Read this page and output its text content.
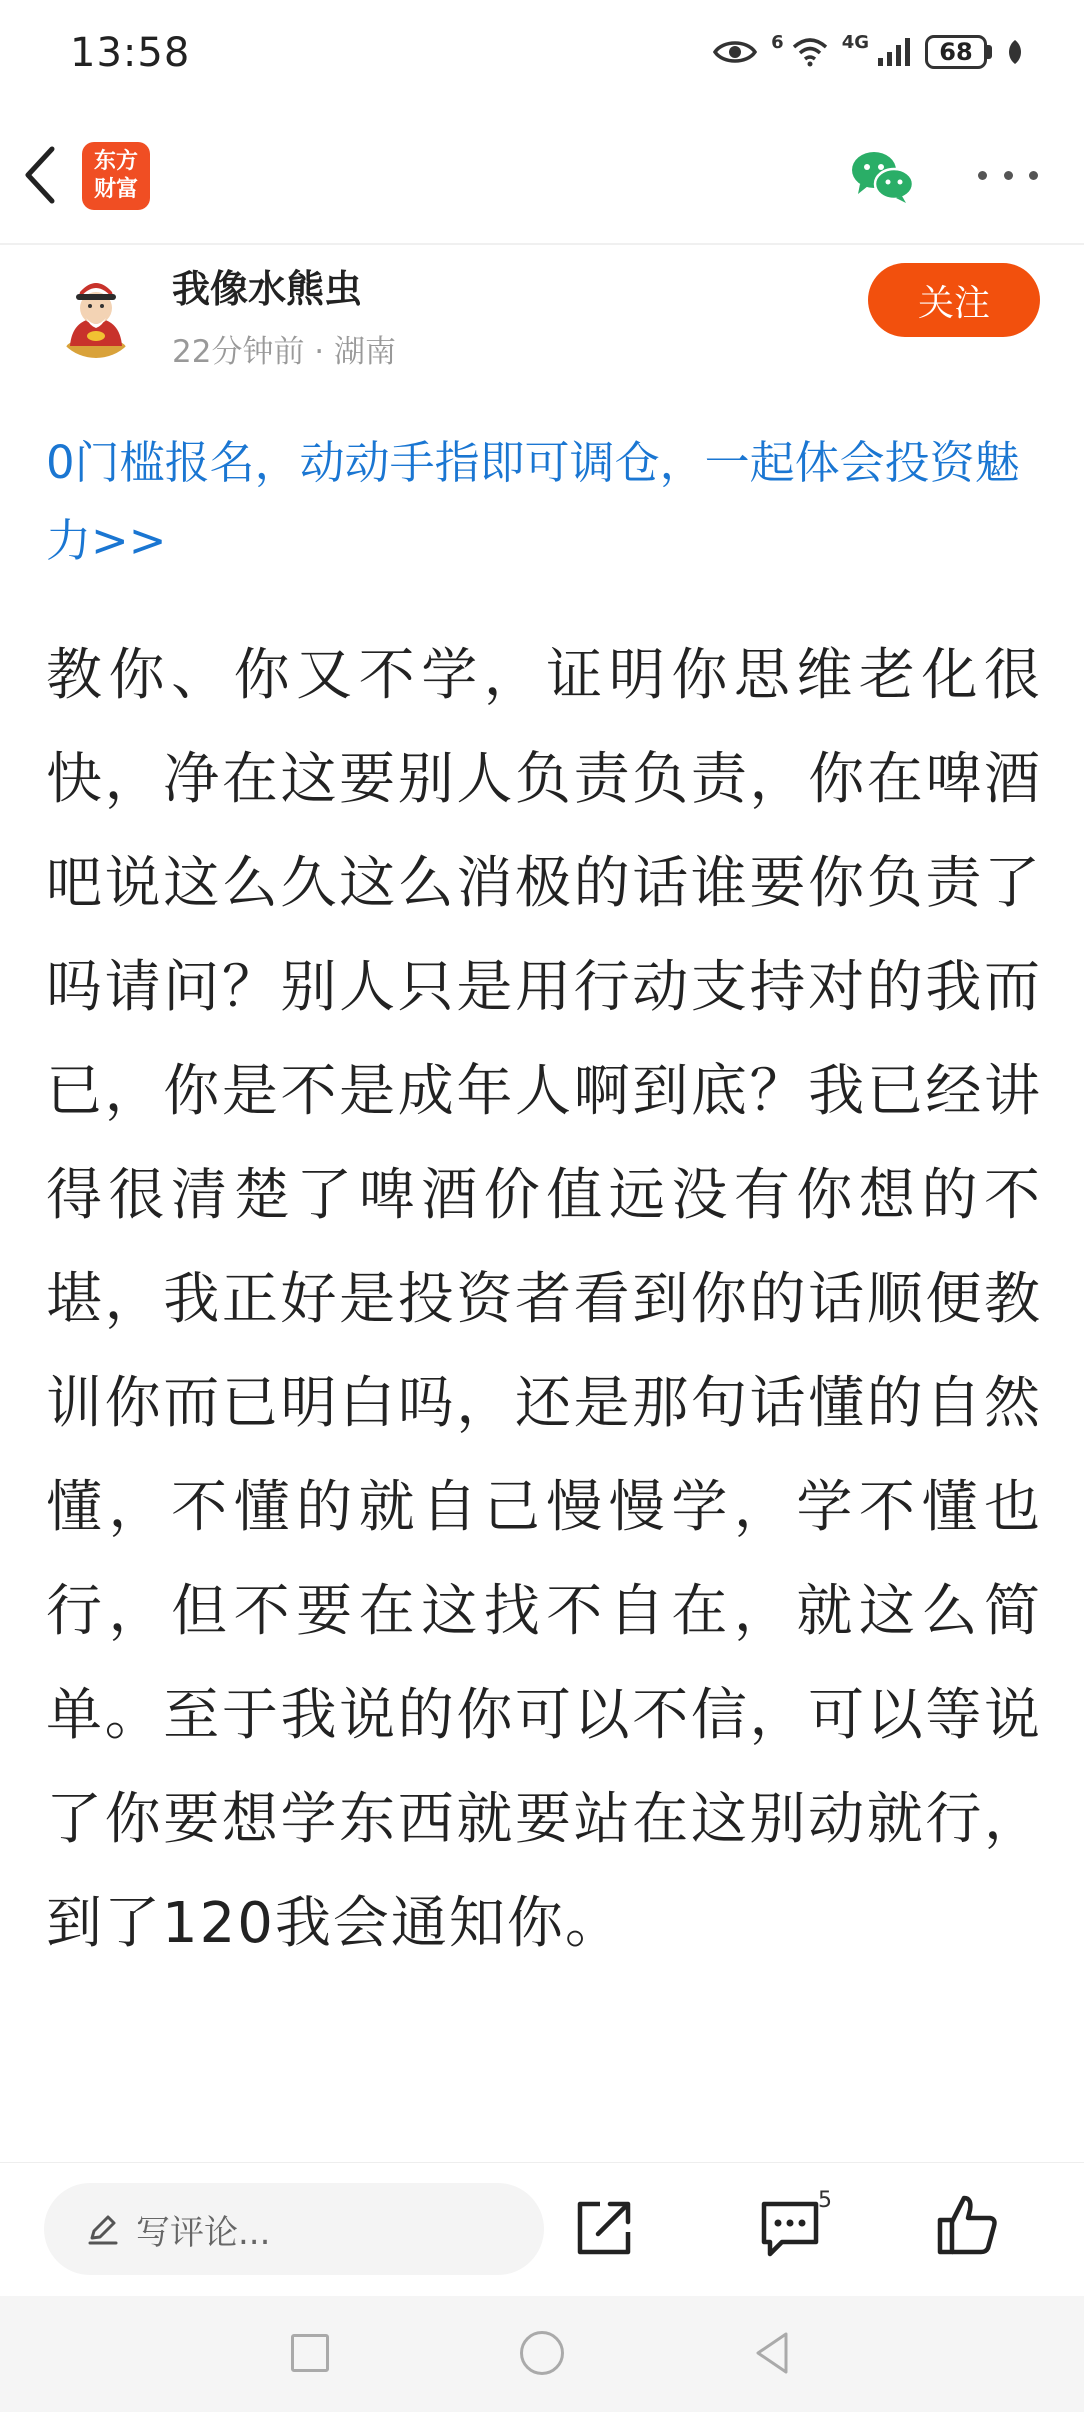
13:58	6	4G	68
东方
财富
我像水熊虫
22分钟前 · 湖南
关注
0门槛报名，动动手指即可调仓，一起体会投资魅力>>
教你、你又不学，证明你思维老化很快，净在这要别人负责负责，你在啤酒吧说这么久这么消极的话谁要你负责了吗请问？别人只是用行动支持对的我而已，你是不是成年人啊到底？我已经讲得很清楚了啤酒价值远没有你想的不堪，我正好是投资者看到你的话顺便教训你而已明白吗，还是那句话懂的自然懂，不懂的就自己慢慢学，学不懂也行，但不要在这找不自在，就这么简单。至于我说的你可以不信，可以等说了你要想学东西就要站在这别动就行，到了120我会通知你。
写评论...
5
